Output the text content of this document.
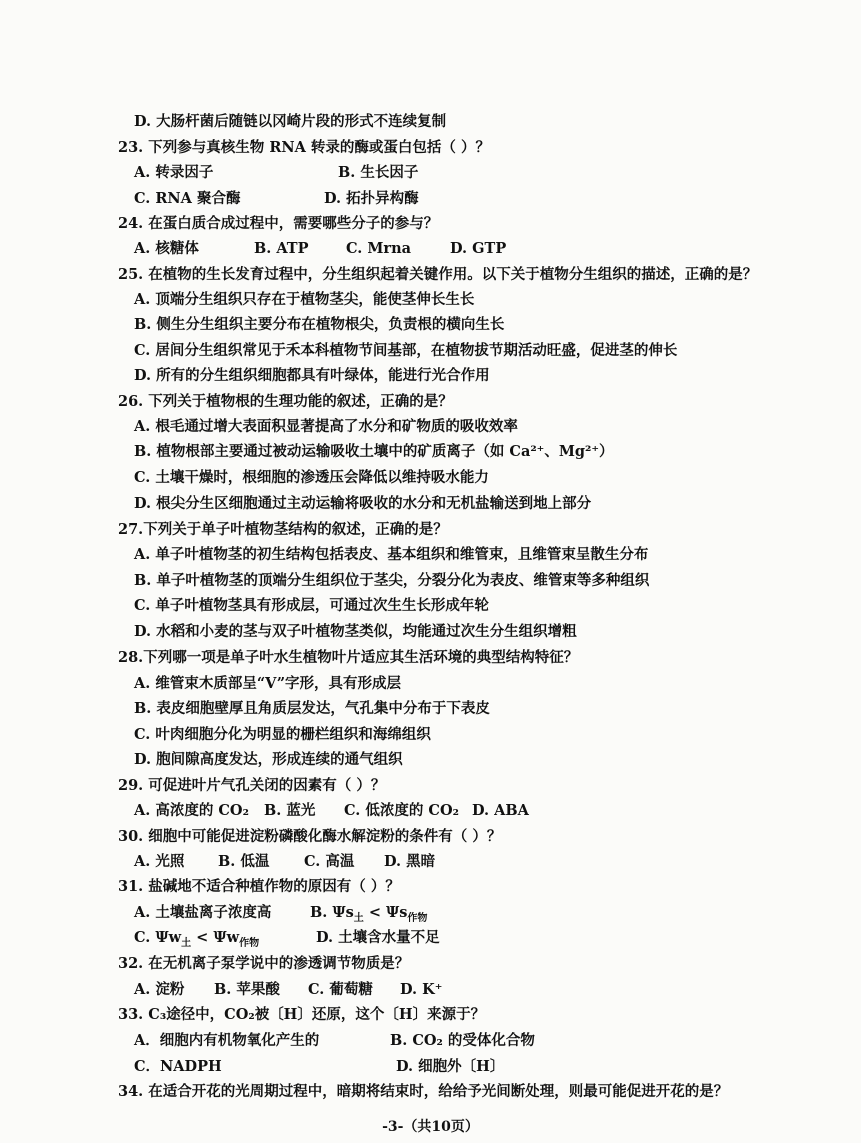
D. 大肠杆菌后随链以冈崎片段的形式不连续复制
23. 下列参与真核生物 RNA 转录的酶或蛋白包括（ ）？
A. 转录因子	B. 生长因子
C. RNA 聚合酶	D. 拓扑异构酶
24. 在蛋白质合成过程中，需要哪些分子的参与？
A. 核糖体	B. ATP	C. Mrna	D. GTP
25. 在植物的生长发育过程中，分生组织起着关键作用。以下关于植物分生组织的描述，正确的是？
A. 顶端分生组织只存在于植物茎尖，能使茎伸长生长
B. 侧生分生组织主要分布在植物根尖，负责根的横向生长
C. 居间分生组织常见于禾本科植物节间基部，在植物拔节期活动旺盛，促进茎的伸长
D. 所有的分生组织细胞都具有叶绿体，能进行光合作用
26. 下列关于植物根的生理功能的叙述，正确的是？
A. 根毛通过增大表面积显著提高了水分和矿物质的吸收效率
B. 植物根部主要通过被动运输吸收土壤中的矿质离子（如 Ca²⁺、Mg²⁺）
C. 土壤干燥时，根细胞的渗透压会降低以维持吸水能力
D. 根尖分生区细胞通过主动运输将吸收的水分和无机盐输送到地上部分
27.下列关于单子叶植物茎结构的叙述，正确的是？
A. 单子叶植物茎的初生结构包括表皮、基本组织和维管束，且维管束呈散生分布
B. 单子叶植物茎的顶端分生组织位于茎尖，分裂分化为表皮、维管束等多种组织
C. 单子叶植物茎具有形成层，可通过次生生长形成年轮
D. 水稻和小麦的茎与双子叶植物茎类似，均能通过次生分生组织增粗
28.下列哪一项是单子叶水生植物叶片适应其生活环境的典型结构特征？
A. 维管束木质部呈“V”字形，具有形成层
B. 表皮细胞壁厚且角质层发达，气孔集中分布于下表皮
C. 叶肉细胞分化为明显的栅栏组织和海绵组织
D. 胞间隙高度发达，形成连续的通气组织
29. 可促进叶片气孔关闭的因素有（ ）？
A. 高浓度的 CO₂ B. 蓝光 C. 低浓度的 CO₂ D. ABA
30. 细胞中可能促进淀粉磷酸化酶水解淀粉的条件有（ ）？
A. 光照 B. 低温 C. 高温 D. 黑暗
31. 盐碱地不适合种植作物的原因有（ ）？
A. 土壤盐离子浓度高	B. $\Psi s_土 < \Psi s_{作物}$
C. $\Psi w_土 < \Psi w_{作物}$	D. 土壤含水量不足
32. 在无机离子泵学说中的渗透调节物质是？
A. 淀粉 B. 苹果酸 C. 葡萄糖 D. K⁺
33. C₃途径中，CO₂被〔H〕还原，这个〔H〕来源于？
A．细胞内有机物氧化产生的	B. CO₂ 的受体化合物
C．NADPH	D. 细胞外〔H〕
34. 在适合开花的光周期过程中，暗期将结束时，给给予光间断处理，则最可能促进开花的是？
-3-（共10页）
